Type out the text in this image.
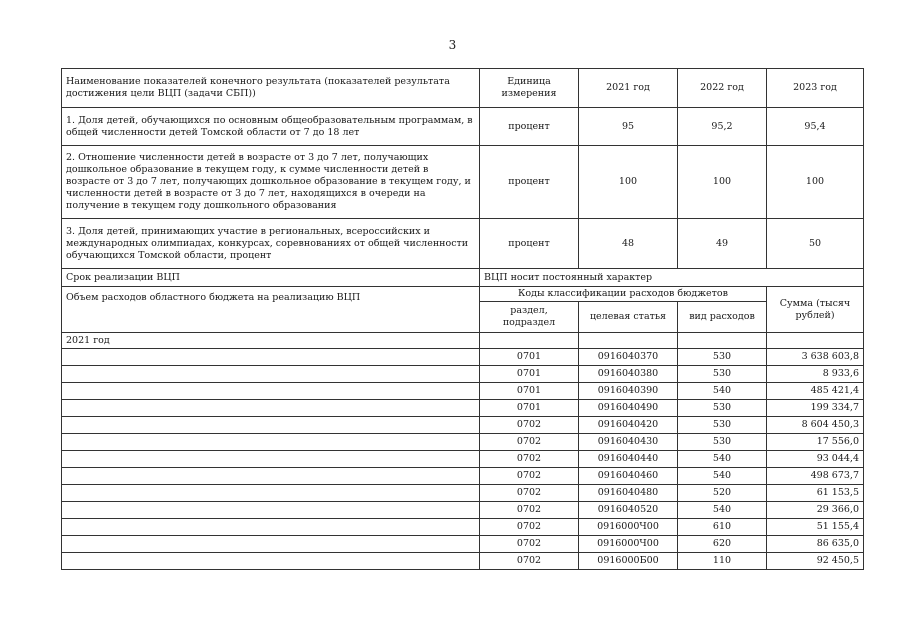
3
Наименование показателей конечного результата (показателей результата достижения цели ВЦП (задачи СБП))	Единица измерения	2021 год	2022 год	2023 год
1. Доля детей, обучающихся по основным общеобразовательным программам, в общей численности детей Томской области от 7 до 18 лет	процент	95	95,2	95,4
2. Отношение численности детей в возрасте от 3 до 7 лет, получающих дошкольное образование в текущем году, к сумме численности детей в возрасте от 3 до 7 лет, получающих дошкольное образование в текущем году, и численности детей в возрасте от 3 до 7 лет, находящихся в очереди на получение в текущем году дошкольного образования	процент	100	100	100
3. Доля детей, принимающих участие в региональных, всероссийских и международных олимпиадах, конкурсах, соревнованиях от общей численности обучающихся Томской области, процент	процент	48	49	50
Срок реализации ВЦП	ВЦП носит постоянный характер			
Объем расходов областного бюджета на реализацию ВЦП	Коды классификации расходов бюджетов			Сумма (тысяч рублей)
	раздел, подраздел	целевая статья	вид расходов	
2021 год				
	0701	0916040370	530	3 638 603,8
	0701	0916040380	530	8 933,6
	0701	0916040390	540	485 421,4
	0701	0916040490	530	199 334,7
	0702	0916040420	530	8 604 450,3
	0702	0916040430	530	17 556,0
	0702	0916040440	540	93 044,4
	0702	0916040460	540	498 673,7
	0702	0916040480	520	61 153,5
	0702	0916040520	540	29 366,0
	0702	0916000Ч00	610	51 155,4
	0702	0916000Ч00	620	86 635,0
	0702	0916000Б00	110	92 450,5
